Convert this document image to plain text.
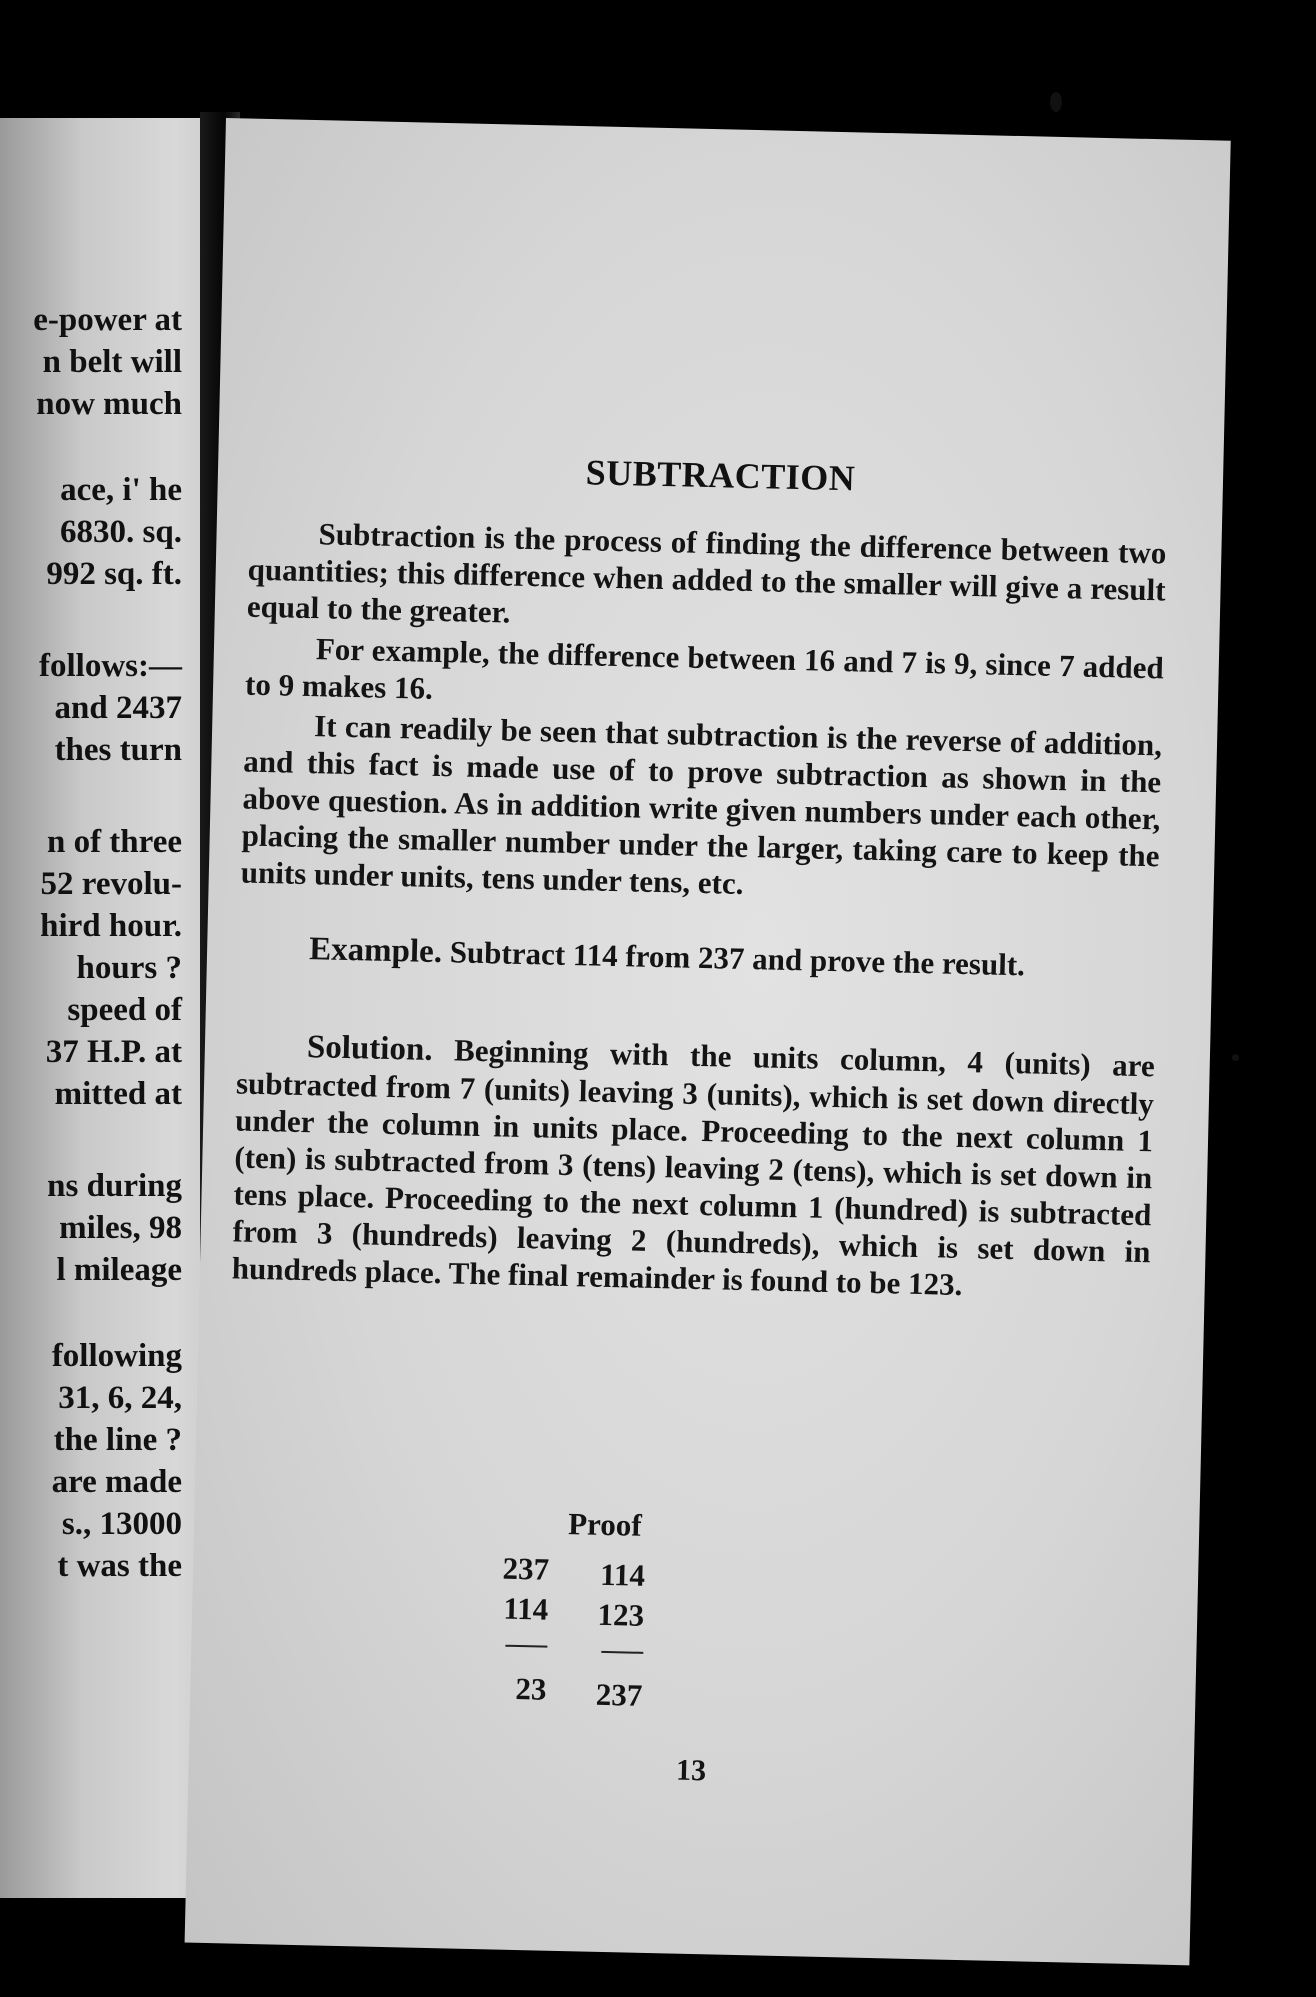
e-power at
n belt will
now much
ace, i' he
6830. sq.
992 sq. ft.
follows:—
and 2437
thes turn
n of three
52 revolu-
hird hour.
hours ?
speed of
37 H.P. at
mitted at
ns during
miles, 98
l mileage
following
31, 6, 24,
the line ?
are made
s., 13000
t was the
SUBTRACTION

Subtraction is the process of finding the difference between two quantities; this difference when added to the smaller will give a result equal to the greater.

For example, the difference between 16 and 7 is 9, since 7 added to 9 makes 16.

It can readily be seen that subtraction is the reverse of addition, and this fact is made use of to prove subtraction as shown in the above question. As in addition write given numbers under each other, placing the smaller number under the larger, taking care to keep the units under units, tens under tens, etc.

Example. Subtract 114 from 237 and prove the result.

Solution. Beginning with the units column, 4 (units) are subtracted from 7 (units) leaving 3 (units), which is set down directly under the column in units place. Proceeding to the next column 1 (ten) is subtracted from 3 (tens) leaving 2 (tens), which is set down in tens place. Proceeding to the next column 1 (hundred) is subtracted from 3 (hundreds) leaving 2 (hundreds), which is set down in hundreds place. The final remainder is found to be 123.

Proof
237
114
23
114
123
237
13
